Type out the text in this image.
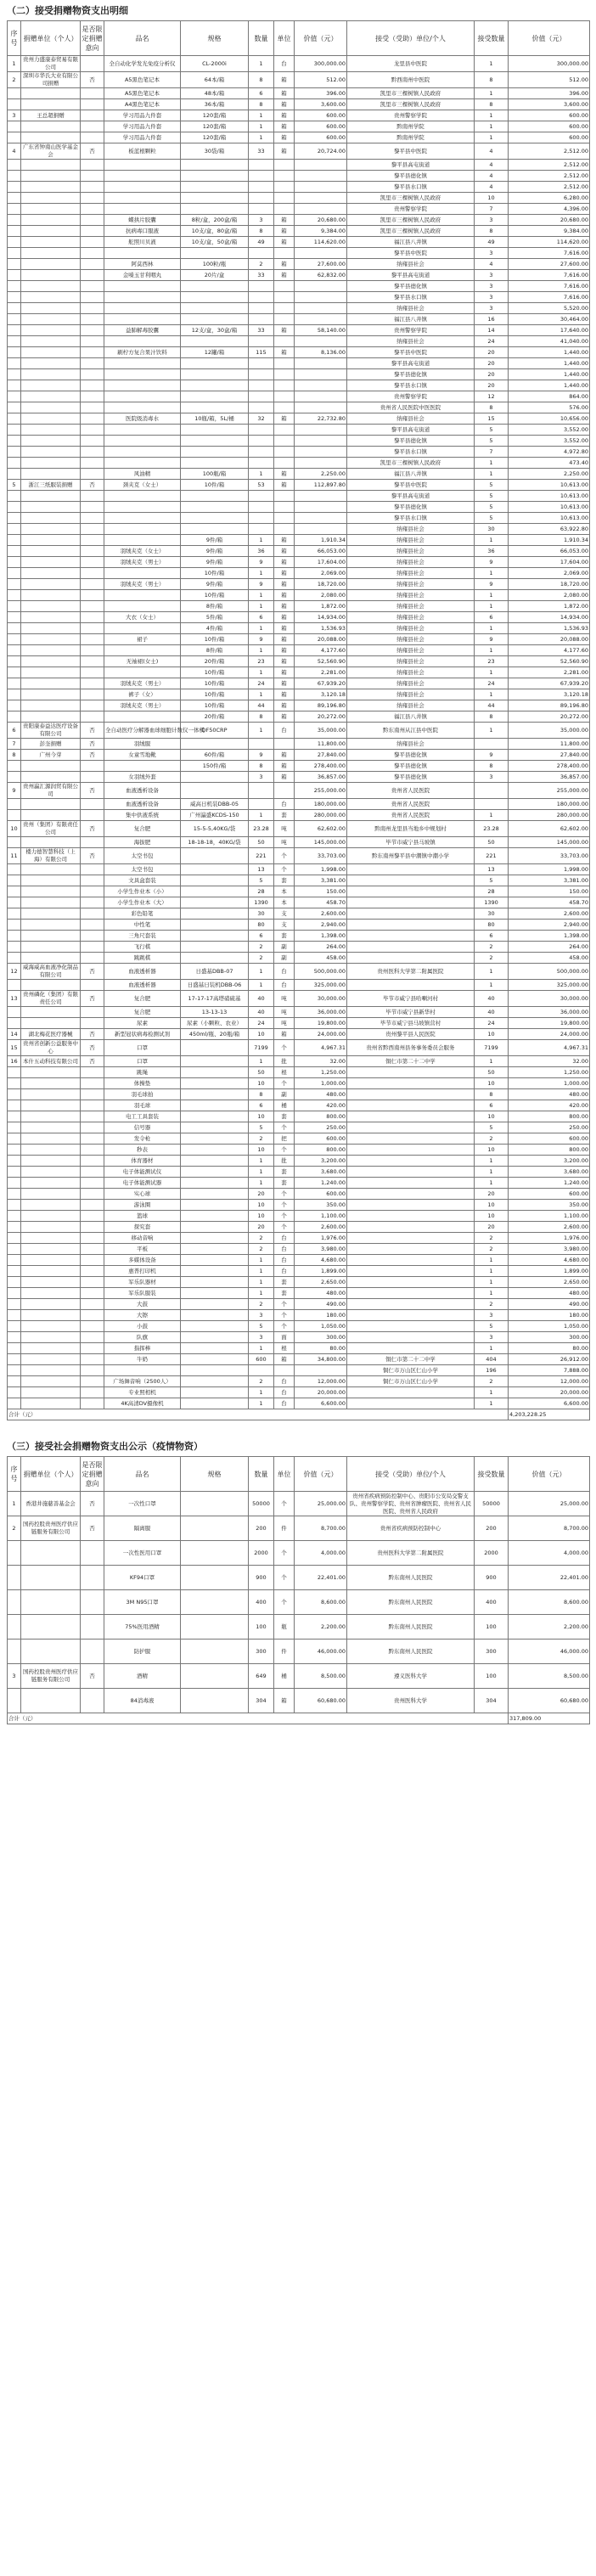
（二）接受捐赠物资支出明细
序号	捐赠单位（个人）	是否限定捐赠意向	品名	规格	数量	单位	价值（元）	接受（受助）单位/个人	接受数量	价值（元）
1	贵州力盛康泰贸易有限公司		全自动化学发光免疫分析仪	CL-2000i	1	台	300,000.00	龙里县中医院	1	300,000.00
2	深圳市华氏大业有限公司捐赠	否	A5黑色笔记本	64本/箱	8	箱	512.00	黔西南州中医院	8	512.00
			A5黑色笔记本	48本/箱	6	箱	396.00	凯里市三棵树镇人民政府	1	396.00
			A4黑色笔记本	36本/箱	8	箱	3,600.00	凯里市三棵树镇人民政府	8	3,600.00
3	王总超捐赠		学习用品九件套	120套/箱	1	箱	600.00	贵州警察学院	1	600.00
			学习用品九件套	120套/箱	1	箱	600.00	黔南州学院	1	600.00
			学习用品九件套	120套/箱	1	箱	600.00	黔南州学院	1	600.00
4	广东省钟南山医学基金会	否	板蓝根颗粒	30袋/箱	33	箱	20,724.00	黎平县中医院	4	2,512.00
								黎平县高屯街道	4	2,512.00
								黎平县德化镇	4	2,512.00
								黎平县水口镇	4	2,512.00
								凯里市三棵树镇人民政府	10	6,280.00
								贵州警察学院	7	4,396.00
			蝶拱片胶囊	8粒/盒，200盒/箱	3	箱	20,680.00	凯里市三棵树镇人民政府	3	20,680.00
			抗病毒口服液	10支/盒，80盒/箱	8	箱	9,384.00	凯里市三棵树镇人民政府	8	9,384.00
			舵照川贝液	10支/盒，50盒/箱	49	箱	114,620.00	福江县八井镇	49	114,620.00
								黎平县中医院	3	7,616.00
			阿莫西林	100粒/瓶	2	箱	27,600.00	纳雍县社会	4	27,600.00
			金嗓玉甘利咽丸	20片/盒	33	箱	62,832.00	黎平县高屯街道	3	7,616.00
								黎平县德化镇	3	7,616.00
								黎平县水口镇	3	7,616.00
								纳雍县社会	3	5,520.00
								福江县八井镇	16	30,464.00
			益肺解毒胶囊	12支/盒，30盒/箱	33	箱	58,140.00	贵州警察学院	14	17,640.00
								纳雍县社会	24	41,040.00
			刷柠方复合果汁饮料	12罐/箱	115	箱	8,136.00	黎平县中医院	20	1,440.00
								黎平县高屯街道	20	1,440.00
								黎平县德化镇	20	1,440.00
								黎平县水口镇	20	1,440.00
								贵州警察学院	12	864.00
								贵州省人民医院中医医院	8	576.00
			医院级消毒水	10瓶/箱，5L/桶	32	箱	22,732.80	纳雍县社会	15	10,656.00
								黎平县高屯街道	5	3,552.00
								黎平县德化镇	5	3,552.00
								黎平县水口镇	7	4,972.80
								凯里市三棵树镇人民政府	1	473.40
			风油精	100瓶/箱	1	箱	2,250.00	福江县八井镇	1	2,250.00
5	浙江三纸服装捐赠	否	颈夹克（女士）	10件/箱	53	箱	112,897.80	黎平县中医院	5	10,613.00
								黎平县高屯街道	5	10,613.00
								黎平县德化镇	5	10,613.00
								黎平县水口镇	5	10,613.00
								纳雍县社会	30	63,922.80
				9件/箱	1	箱	1,910.34	纳雍县社会	1	1,910.34
			羽绒夹克（女士）	9件/箱	36	箱	66,053.00	纳雍县社会	36	66,053.00
			羽绒夹克（男士）	9件/箱	9	箱	17,604.00	纳雍县社会	9	17,604.00
				10件/箱	1	箱	2,069.00	纳雍县社会	1	2,069.00
			羽绒夹克（男士）	9件/箱	9	箱	18,720.00	纳雍县社会	9	18,720.00
				10件/箱	1	箱	2,080.00	纳雍县社会	1	2,080.00
				8件/箱	1	箱	1,872.00	纳雍县社会	1	1,872.00
			大衣（女士）	5件/箱	6	箱	14,934.00	纳雍县社会	6	14,934.00
				4件/箱	1	箱	1,536.93	纳雍县社会	1	1,536.93
			裙子	10件/箱	9	箱	20,088.00	纳雍县社会	9	20,088.00
				8件/箱	1	箱	4,177.60	纳雍县社会	1	4,177.60
			无袖裙(女士)	20件/箱	23	箱	52,560.90	纳雍县社会	23	52,560.90
				10件/箱	1	箱	2,281.00	纳雍县社会	1	2,281.00
			羽绒夹克（男士）	10件/箱	24	箱	67,939.20	纳雍县社会	24	67,939.20
			裤子（女）	10件/箱	1	箱	3,120.18	纳雍县社会	1	3,120.18
			羽绒夹克（男士）	10件/箱	44	箱	89,196.80	纳雍县社会	44	89,196.80
				20件/箱	8	箱	20,272.00	福江县八井镇	8	20,272.00
6	贵阳康泰益达医疗设备有限公司	否	全自动医疗分解器血球细胞计数仪一体机	DF50CRP	1	台	35,000.00	黔东南州从江县中医院	1	35,000.00
7	彭奎捐赠	否	羽绒服				11,800.00	纳雍县社会		11,800.00
8	广州今芽	否	女童雪地靴	60件/箱	9	箱	27,840.00	黎平县德化镇	9	27,840.00
				150件/箱	8	箱	278,400.00	黎平县德化镇	8	278,400.00
			女羽绒外套		3	箱	36,857.00	黎平县德化镇	3	36,857.00
9	贵州瀛汇源润贸有限公司	否	血液透析设备				255,000.00	贵州省人民医院		255,000.00
			血液透析设备	威高日机装DBB-05		台	180,000.00	贵州省人民医院		180,000.00
			集中供液系统	广州瀛盛KCDS-150	1	套	280,000.00	贵州省人民医院	1	280,000.00
10	贵州（集团）有限责任公司	否	复合肥	15-5-5,40KG/袋	23.28	吨	62,602.00	黔南州龙里县当地乡中规划村	23.28	62,602.00
			海拔肥	18-18-18，40KG/袋	50	吨	145,000.00	毕节市威宁县马坡镇	50	145,000.00
11	楼力德智慧科技（上海）有限公司	否	太空书包		221	个	33,703.00	黔东南州黎平县中潮镇中潮小学	221	33,703.00
			太空书包		13	个	1,998.00		13	1,998.00
			文具盒套装		5	套	3,381.00		5	3,381.00
			小学生作业本（小）		28	本	150.00		28	150.00
			小学生作业本（大）		1390	本	458.70		1390	458.70
			彩色铅笔		30	支	2,600.00		30	2,600.00
			中性笔		80	支	2,940.00		80	2,940.00
			三角尺套装		6	套	1,398.00		6	1,398.00
			飞行棋		2	副	264.00		2	264.00
			跳跳棋		2	副	458.00		2	458.00
12	威海威高血液净化制品有限公司	否	血液透析器	日盛基DBB-07	1	台	500,000.00	贵州医科大学第二附属医院	1	500,000.00
			血液透析器	日盛基日装机DBB-06	1	台	325,000.00		1	325,000.00
13	贵州磷化（集团）有限责任公司	否	复合肥	17-17-17高塔硝硫基	40	吨	30,000.00	毕节市威宁县哈喇河村	40	30,000.00
			复合肥	13-13-13	40	吨	36,000.00	毕节市威宁县新华村	40	36,000.00
			尿素	尿素（小颗粒、农业）	24	吨	19,800.00	毕节市威宁县马坡镇营村	24	19,800.00
14	湖北梅花医疗器械	否	新型冠状病毒检测试剂	450ml/瓶、20瓶/箱	10	箱	24,000.00	贵州黎平县人民医院	10	24,000.00
15	贵州省创新公益服务中心	否	口罩		7199	个	4,967.31	贵州省黔西南州县务事务委员会服务	7199	4,967.31
16	本什五动科技有限公司	否	口罩		1	批	32.00	铜仁市第二十二中学	1	32.00
			跳绳		50	根	1,250.00		50	1,250.00
			体操垫		10	个	1,000.00		10	1,000.00
			羽毛球拍		8	副	480.00		8	480.00
			羽毛球		6	桶	420.00		6	420.00
			电工工具套装		10	套	800.00		10	800.00
			信号器		5	个	250.00		5	250.00
			发令枪		2	把	600.00		2	600.00
			秒表		10	个	800.00		10	800.00
			体育器材		1	批	3,200.00		1	3,200.00
			电子体能测试仪		1	套	3,680.00		1	3,680.00
			电子体能测试器		1	套	1,240.00		1	1,240.00
			实心球		20	个	600.00		20	600.00
			游泳圈		10	个	350.00		10	350.00
			篮球		10	个	1,100.00		10	1,100.00
			探究套		20	个	2,600.00		20	2,600.00
			移动音响		2	台	1,976.00		2	1,976.00
			平板		2	台	3,980.00		2	3,980.00
			多媒体设备		1	台	4,680.00		1	4,680.00
			惠普打印机		1	台	1,899.00		1	1,899.00
			军乐队器材		1	套	2,650.00		1	2,650.00
			军乐队服装		1	套	480.00		1	480.00
			大鼓		2	个	490.00		2	490.00
			大镲		3	个	180.00		3	180.00
			小鼓		5	个	1,050.00		5	1,050.00
			队旗		3	面	300.00		3	300.00
			指挥棒		1	根	80.00		1	80.00
			牛奶		600	箱	34,800.00	铜仁市第二十二中学	404	26,912.00
								铜仁市万山区仁山小学	196	7,888.00
			广场舞音响（2500人）		2	台	12,000.00	铜仁市万山区仁山小学	2	12,000.00
			专业照相机		1	台	20,000.00		1	20,000.00
			4K高清DV摄像机		1	台	6,600.00		1	6,600.00
合计（元）										4,203,228.25
（三）接受社会捐赠物资支出公示（疫情物资）
序号	捐赠单位（个人）	是否限定捐赠意向	品名	规格	数量	单位	价值（元）	接受（受助）单位/个人	接受数量	价值（元）
1	香港井施慈善基金会	否	一次性口罩		50000	个	25,000.00	贵州省疾病预防控制中心、贵阳市公安局交警支队、贵州警察学院、贵州省肿瘤医院、贵州省人民医院、贵州省人民政府	50000	25,000.00
2	国药控股贵州医疗供应链服务有限公司	否	隔离服		200	件	8,700.00	贵州省疾病预防控制中心	200	8,700.00
			一次性医用口罩		2000	个	4,000.00	贵州医科大学第二附属医院	2000	4,000.00
			KF94口罩		900	个	22,401.00	黔东南州人民医院	900	22,401.00
			3M N95口罩		400	个	8,600.00	黔东南州人民医院	400	8,600.00
			75%医用酒精		100	瓶	2,200.00	黔东南州人民医院	100	2,200.00
			防护服		300	件	46,000.00	黔东南州人民医院	300	46,000.00
3	国药控股贵州医疗供应链服务有限公司	否	酒精		649	桶	8,500.00	遵义医科大学	100	8,500.00
			84消毒液		304	箱	60,680.00	贵州医科大学	304	60,680.00
合计（元）										317,809.00
